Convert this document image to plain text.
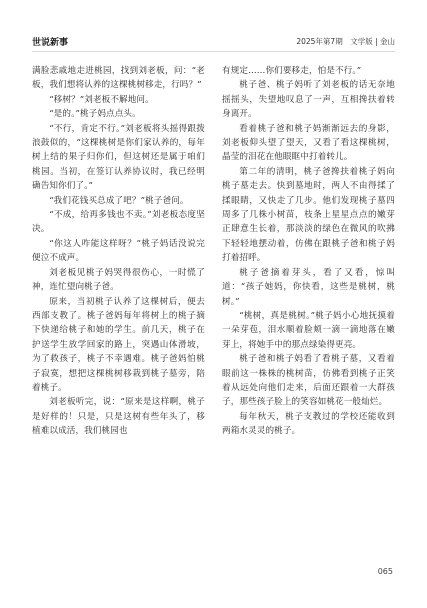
世说新事	2025年第7期　文学版 | 金山

满脸悲戚地走进桃园，找到刘老板，问：“老板，我们想将认养的这棵桃树移走，行吗？”

“移树？”刘老板不解地问。

“是的。”桃子妈点点头。

“不行，肯定不行。”刘老板将头摇得跟拨浪鼓似的，“这棵桃树是你们家认养的，每年树上结的果子归你们，但这树还是属于咱们桃园。当初，在签订认养协议时，我已经明确告知你们了。”

“我们花钱买总成了吧？”桃子爸问。

“不成，给再多钱也不卖。”刘老板态度坚决。

“你这人咋能这样呀？”桃子妈话没说完便泣不成声。

刘老板见桃子妈哭得很伤心，一时慌了神，连忙望向桃子爸。

原来，当初桃子认养了这棵树后，便去西部支教了。桃子爸妈每年将树上的桃子摘下快递给桃子和她的学生。前几天，桃子在护送学生放学回家的路上，突遇山体滑坡，为了救孩子，桃子不幸遇难。桃子爸妈怕桃子寂寞，想把这棵桃树移栽到桃子墓旁，陪着桃子。

刘老板听完，说：“原来是这样啊，桃子是好样的！只是，只是这树有些年头了，移植难以成活，我们桃园也

有规定……你们要移走，怕是不行。”

桃子爸、桃子妈听了刘老板的话无奈地摇摇头，失望地叹息了一声，互相搀扶着转身离开。

看着桃子爸和桃子妈渐渐远去的身影，刘老板仰头望了望天，又看了看这棵桃树，晶莹的泪花在他眼眶中打着转儿。

第二年的清明，桃子爸搀扶着桃子妈向桃子墓走去。快到墓地时，两人不由得揉了揉眼睛，又快走了几步。他们发现桃子墓四周多了几株小树苗，枝条上星星点点的嫩芽正肆意生长着，那淡淡的绿色在微风的吹拂下轻轻地摆动着，仿佛在跟桃子爸和桃子妈打着招呼。

桃子爸摘着芽头，看了又看，惊叫道：“孩子她妈，你快看，这些是桃树，桃树。”

“桃树，真是桃树。”桃子妈小心地抚摸着一朵芽苞，泪水顺着脸颊一滴一滴地落在嫩芽上，将她手中的那点绿染得更亮。

桃子爸和桃子妈看了看桃子墓，又看着眼前这一株株的桃树苗，仿佛看到桃子正笑着从远处向他们走来，后面还跟着一大群孩子，那些孩子脸上的笑容如桃花一般灿烂。

每年秋天，桃子支教过的学校还能收到两箱水灵灵的桃子。

065
